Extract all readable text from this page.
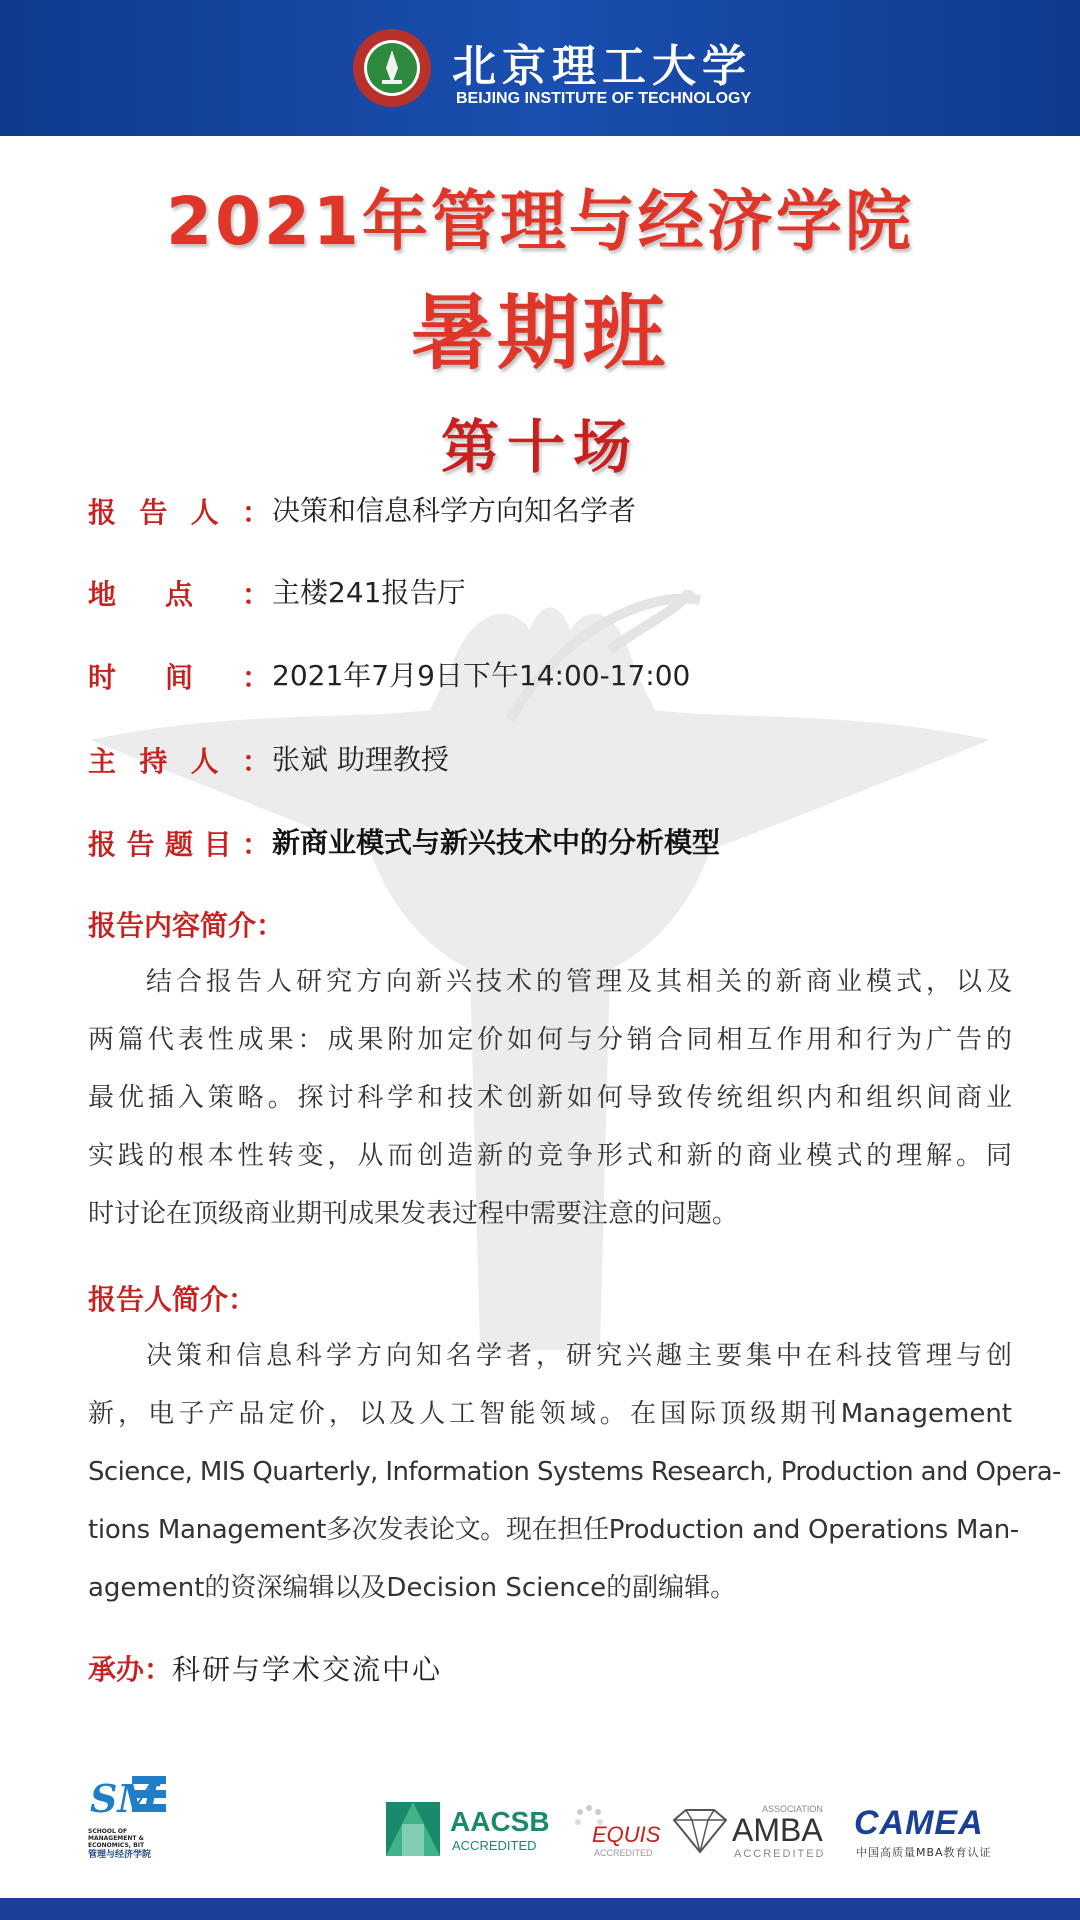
北京理工大学
BEIJING INSTITUTE OF TECHNOLOGY
2021年管理与经济学院
暑期班
第十场
报 告 人 ： 决策和信息科学方向知名学者
地 点 ： 主楼241报告厅
时 间 ： 2021年7月9日下午14:00-17:00
主 持 人 ： 张斌 助理教授
报 告 题 目 ： 新商业模式与新兴技术中的分析模型
报告内容简介：
结合报告人研究方向新兴技术的管理及其相关的新商业模式，以及
两篇代表性成果：成果附加定价如何与分销合同相互作用和行为广告的
最优插入策略。探讨科学和技术创新如何导致传统组织内和组织间商业
实践的根本性转变，从而创造新的竞争形式和新的商业模式的理解。同
时讨论在顶级商业期刊成果发表过程中需要注意的问题。
报告人简介：
决策和信息科学方向知名学者，研究兴趣主要集中在科技管理与创
新，电子产品定价，以及人工智能领域。在国际顶级期刊Management
Science, MIS Quarterly, Information Systems Research, Production and Opera-
tions Management多次发表论文。现在担任Production and Operations Man-
agement的资深编辑以及Decision Science的副编辑。
承办：科研与学术交流中心
SM
SCHOOL OF
MANAGEMENT &
ECONOMICS, BIT
管理与经济学院
AACSB
ACCREDITED	EQUIS
ACCREDITED
ASSOCIATION
AMBA
ACCREDITED
CAMEA
中国高质量MBA教育认证
